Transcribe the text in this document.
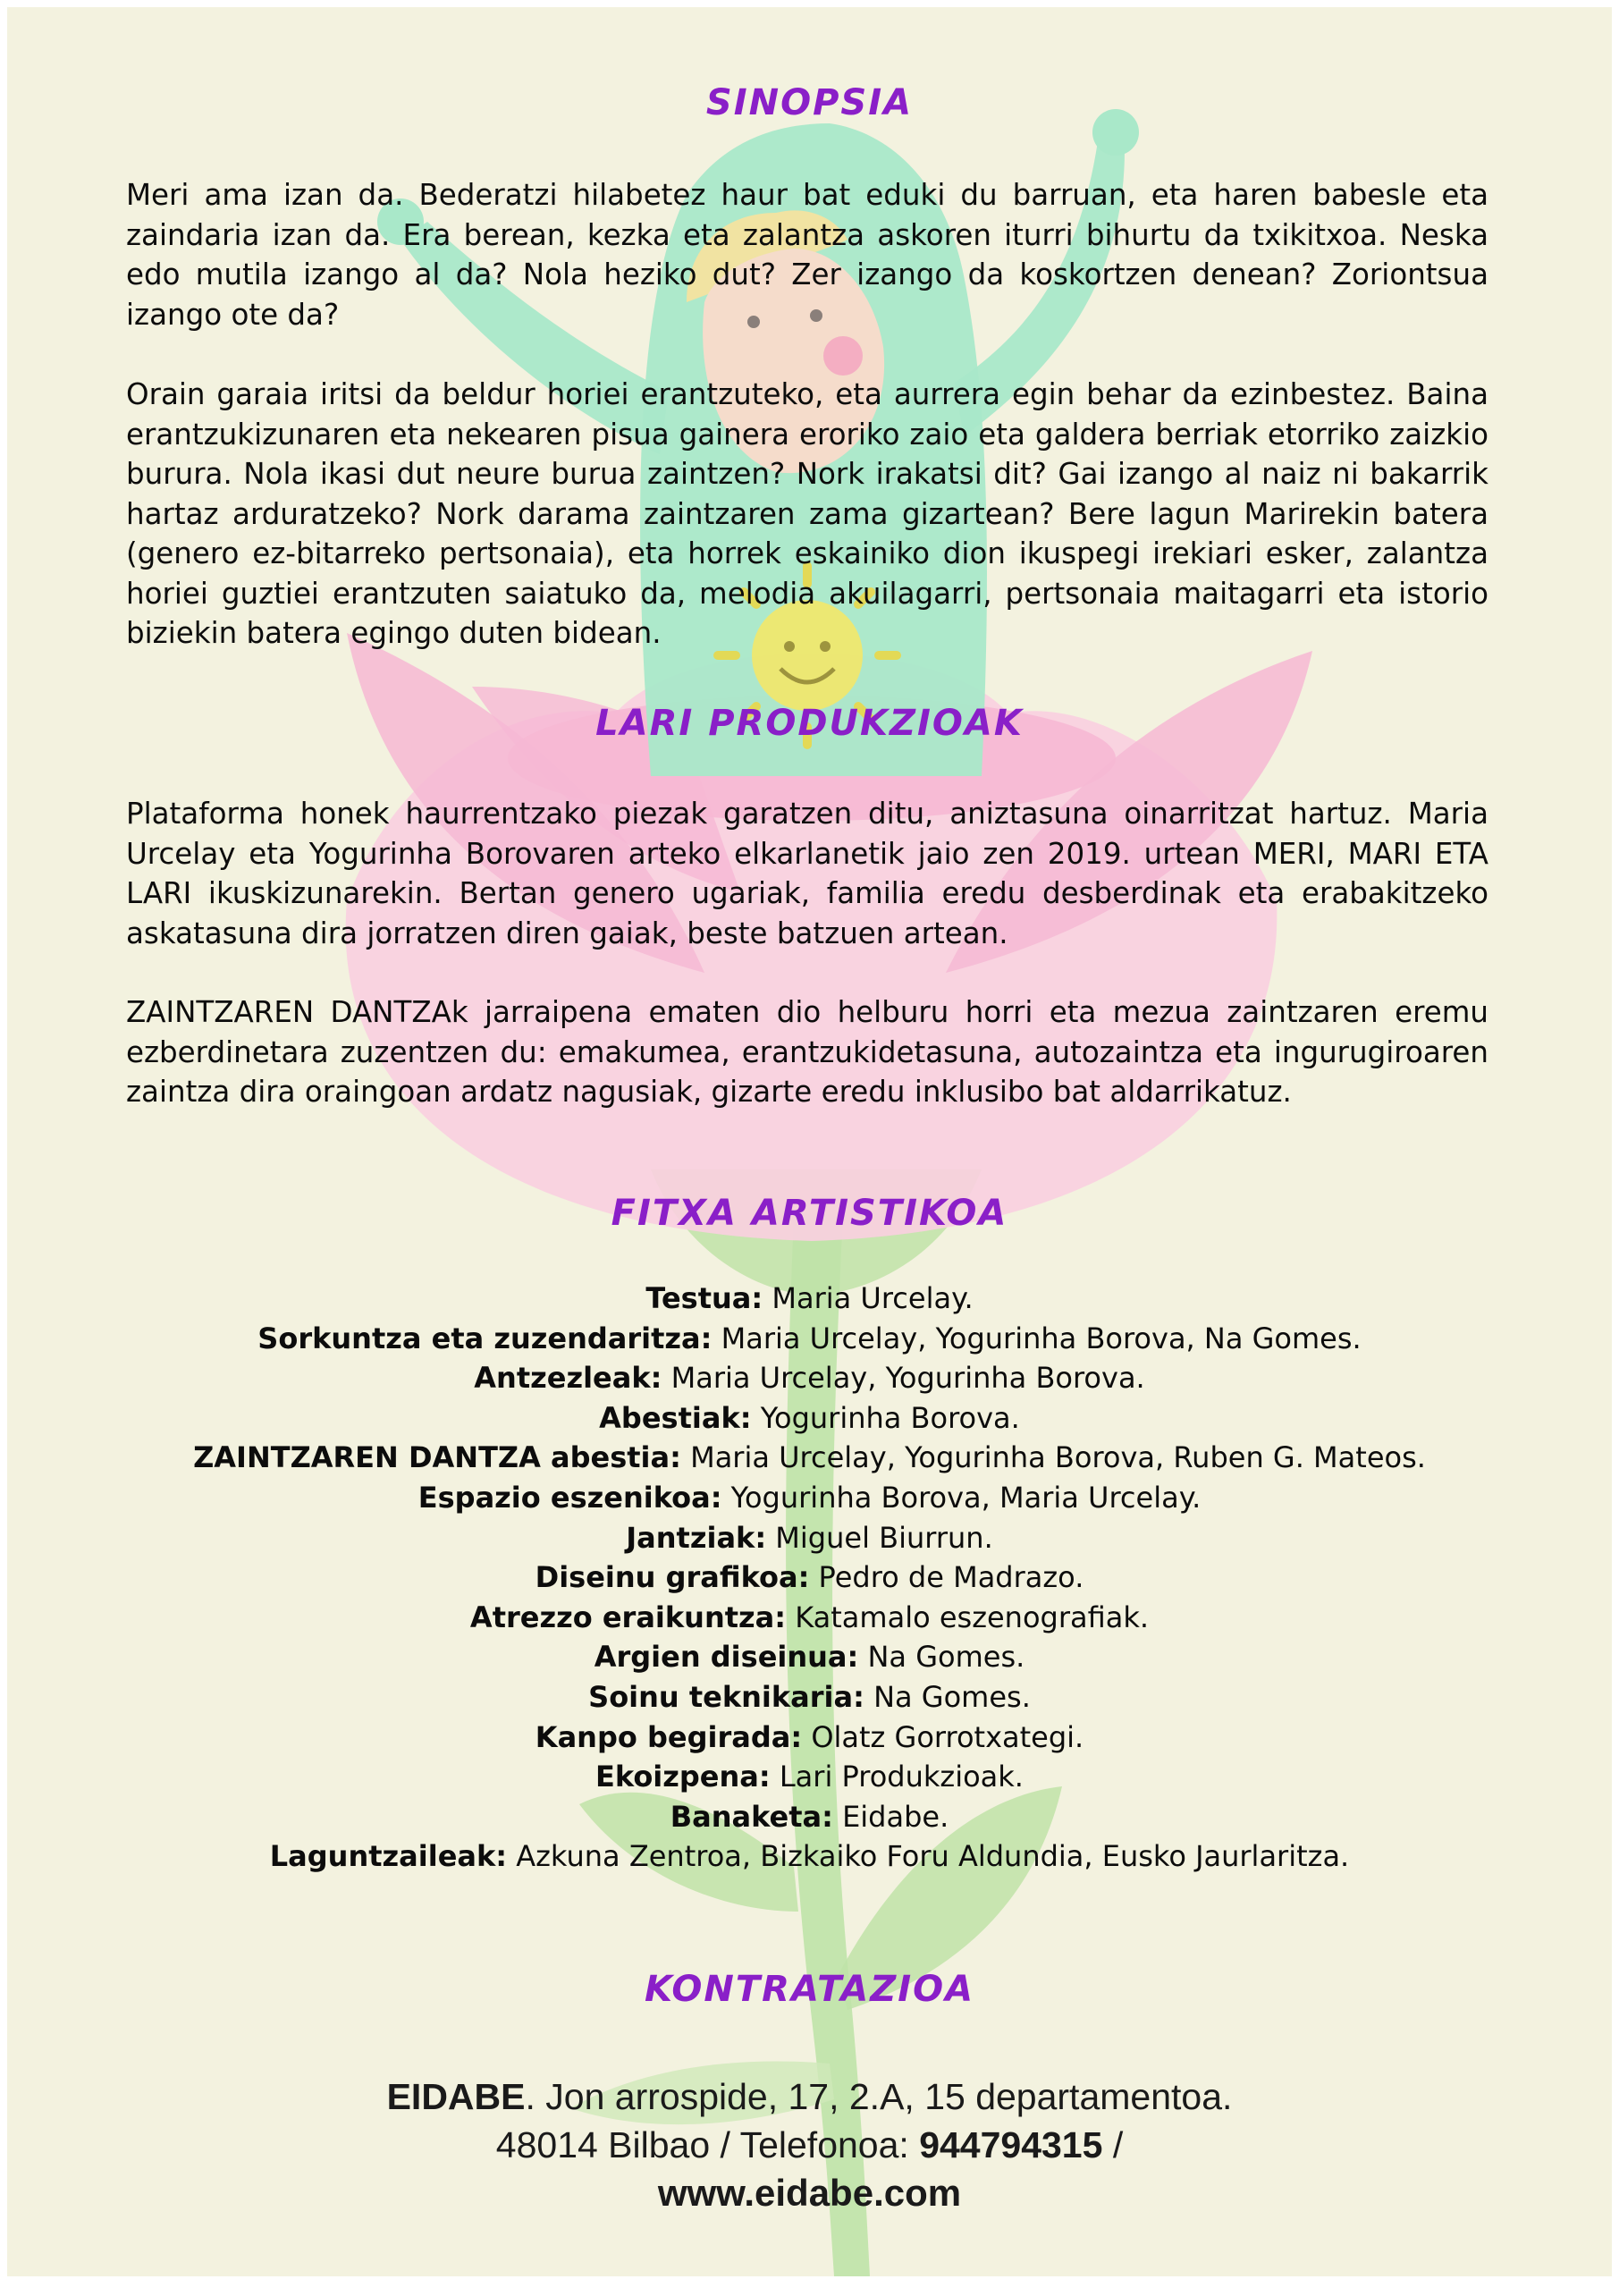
SINOPSIA

Meri ama izan da. Bederatzi hilabetez haur bat eduki du barruan, eta haren babesle eta zaindaria izan da. Era berean, kezka eta zalantza askoren iturri bihurtu da txikitxoa. Neska edo mutila izango al da? Nola heziko dut? Zer izango da koskortzen denean? Zoriontsua izango ote da?

Orain garaia iritsi da beldur horiei erantzuteko, eta aurrera egin behar da ezinbestez. Baina erantzukizunaren eta nekearen pisua gainera eroriko zaio eta galdera berriak etorriko zaizkio burura. Nola ikasi dut neure burua zaintzen? Nork irakatsi dit? Gai izango al naiz ni bakarrik hartaz arduratzeko? Nork darama zaintzaren zama gizartean? Bere lagun Marirekin batera (genero ez-bitarreko pertsonaia), eta horrek eskainiko dion ikuspegi irekiari esker, zalantza horiei guztiei erantzuten saiatuko da, melodia akuilagarri, pertsonaia maitagarri eta istorio biziekin batera egingo duten bidean.

LARI PRODUKZIOAK

Plataforma honek haurrentzako piezak garatzen ditu, aniztasuna oinarritzat hartuz. Maria Urcelay eta Yogurinha Borovaren arteko elkarlanetik jaio zen 2019. urtean MERI, MARI ETA LARI ikuskizunarekin. Bertan genero ugariak, familia eredu desberdinak eta erabakitzeko askatasuna dira jorratzen diren gaiak, beste batzuen artean.

ZAINTZAREN DANTZAk jarraipena ematen dio helburu horri eta mezua zaintzaren eremu ezberdinetara zuzentzen du: emakumea, erantzukidetasuna, autozaintza eta ingurugiroaren zaintza dira oraingoan ardatz nagusiak, gizarte eredu inklusibo bat aldarrikatuz.

FITXA ARTISTIKOA
Testua: Maria Urcelay.
Sorkuntza eta zuzendaritza: Maria Urcelay, Yogurinha Borova, Na Gomes.
Antzezleak: Maria Urcelay, Yogurinha Borova.
Abestiak: Yogurinha Borova.
ZAINTZAREN DANTZA abestia: Maria Urcelay, Yogurinha Borova, Ruben G. Mateos.
Espazio eszenikoa: Yogurinha Borova, Maria Urcelay.
Jantziak: Miguel Biurrun.
Diseinu grafikoa: Pedro de Madrazo.
Atrezzo eraikuntza: Katamalo eszenografiak.
Argien diseinua: Na Gomes.
Soinu teknikaria: Na Gomes.
Kanpo begirada: Olatz Gorrotxategi.
Ekoizpena: Lari Produkzioak.
Banaketa: Eidabe.
Laguntzaileak: Azkuna Zentroa, Bizkaiko Foru Aldundia, Eusko Jaurlaritza.
KONTRATAZIOA
EIDABE. Jon arrospide, 17, 2.A, 15 departamentoa.
48014 Bilbao / Telefonoa: 944794315 /
www.eidabe.com
